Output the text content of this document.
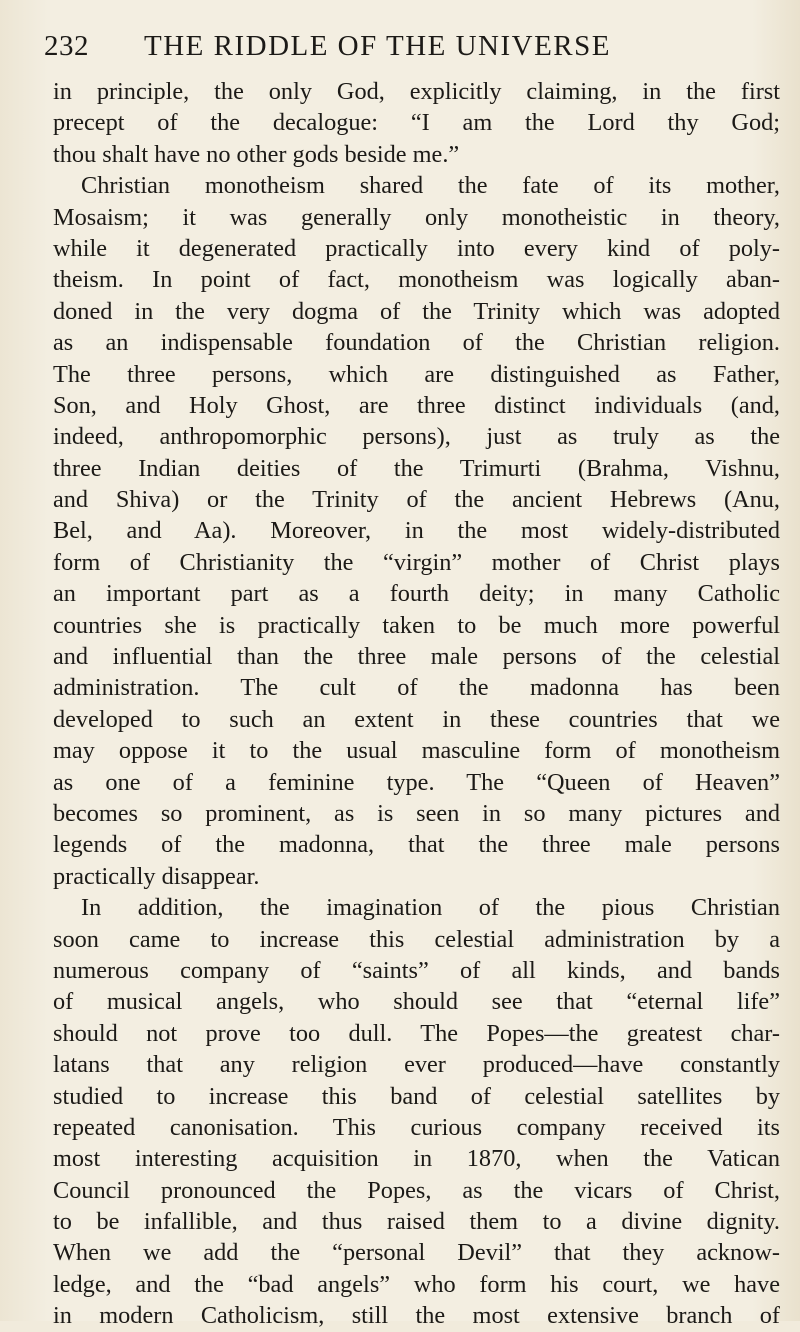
232 THE RIDDLE OF THE UNIVERSE
in principle, the only God, explicitly claiming, in the first
precept of the decalogue: “I am the Lord thy God;
thou shalt have no other gods beside me.”
Christian monotheism shared the fate of its mother,
Mosaism; it was generally only monotheistic in theory,
while it degenerated practically into every kind of poly-
theism. In point of fact, monotheism was logically aban-
doned in the very dogma of the Trinity which was adopted
as an indispensable foundation of the Christian religion.
The three persons, which are distinguished as Father,
Son, and Holy Ghost, are three distinct individuals (and,
indeed, anthropomorphic persons), just as truly as the
three Indian deities of the Trimurti (Brahma, Vishnu,
and Shiva) or the Trinity of the ancient Hebrews (Anu,
Bel, and Aa). Moreover, in the most widely-distributed
form of Christianity the “virgin” mother of Christ plays
an important part as a fourth deity; in many Catholic
countries she is practically taken to be much more powerful
and influential than the three male persons of the celestial
administration. The cult of the madonna has been
developed to such an extent in these countries that we
may oppose it to the usual masculine form of monotheism
as one of a feminine type. The “Queen of Heaven”
becomes so prominent, as is seen in so many pictures and
legends of the madonna, that the three male persons
practically disappear.
In addition, the imagination of the pious Christian
soon came to increase this celestial administration by a
numerous company of “saints” of all kinds, and bands
of musical angels, who should see that “eternal life”
should not prove too dull. The Popes—the greatest char-
latans that any religion ever produced—have constantly
studied to increase this band of celestial satellites by
repeated canonisation. This curious company received its
most interesting acquisition in 1870, when the Vatican
Council pronounced the Popes, as the vicars of Christ,
to be infallible, and thus raised them to a divine dignity.
When we add the “personal Devil” that they acknow-
ledge, and the “bad angels” who form his court, we have
in modern Catholicism, still the most extensive branch of
